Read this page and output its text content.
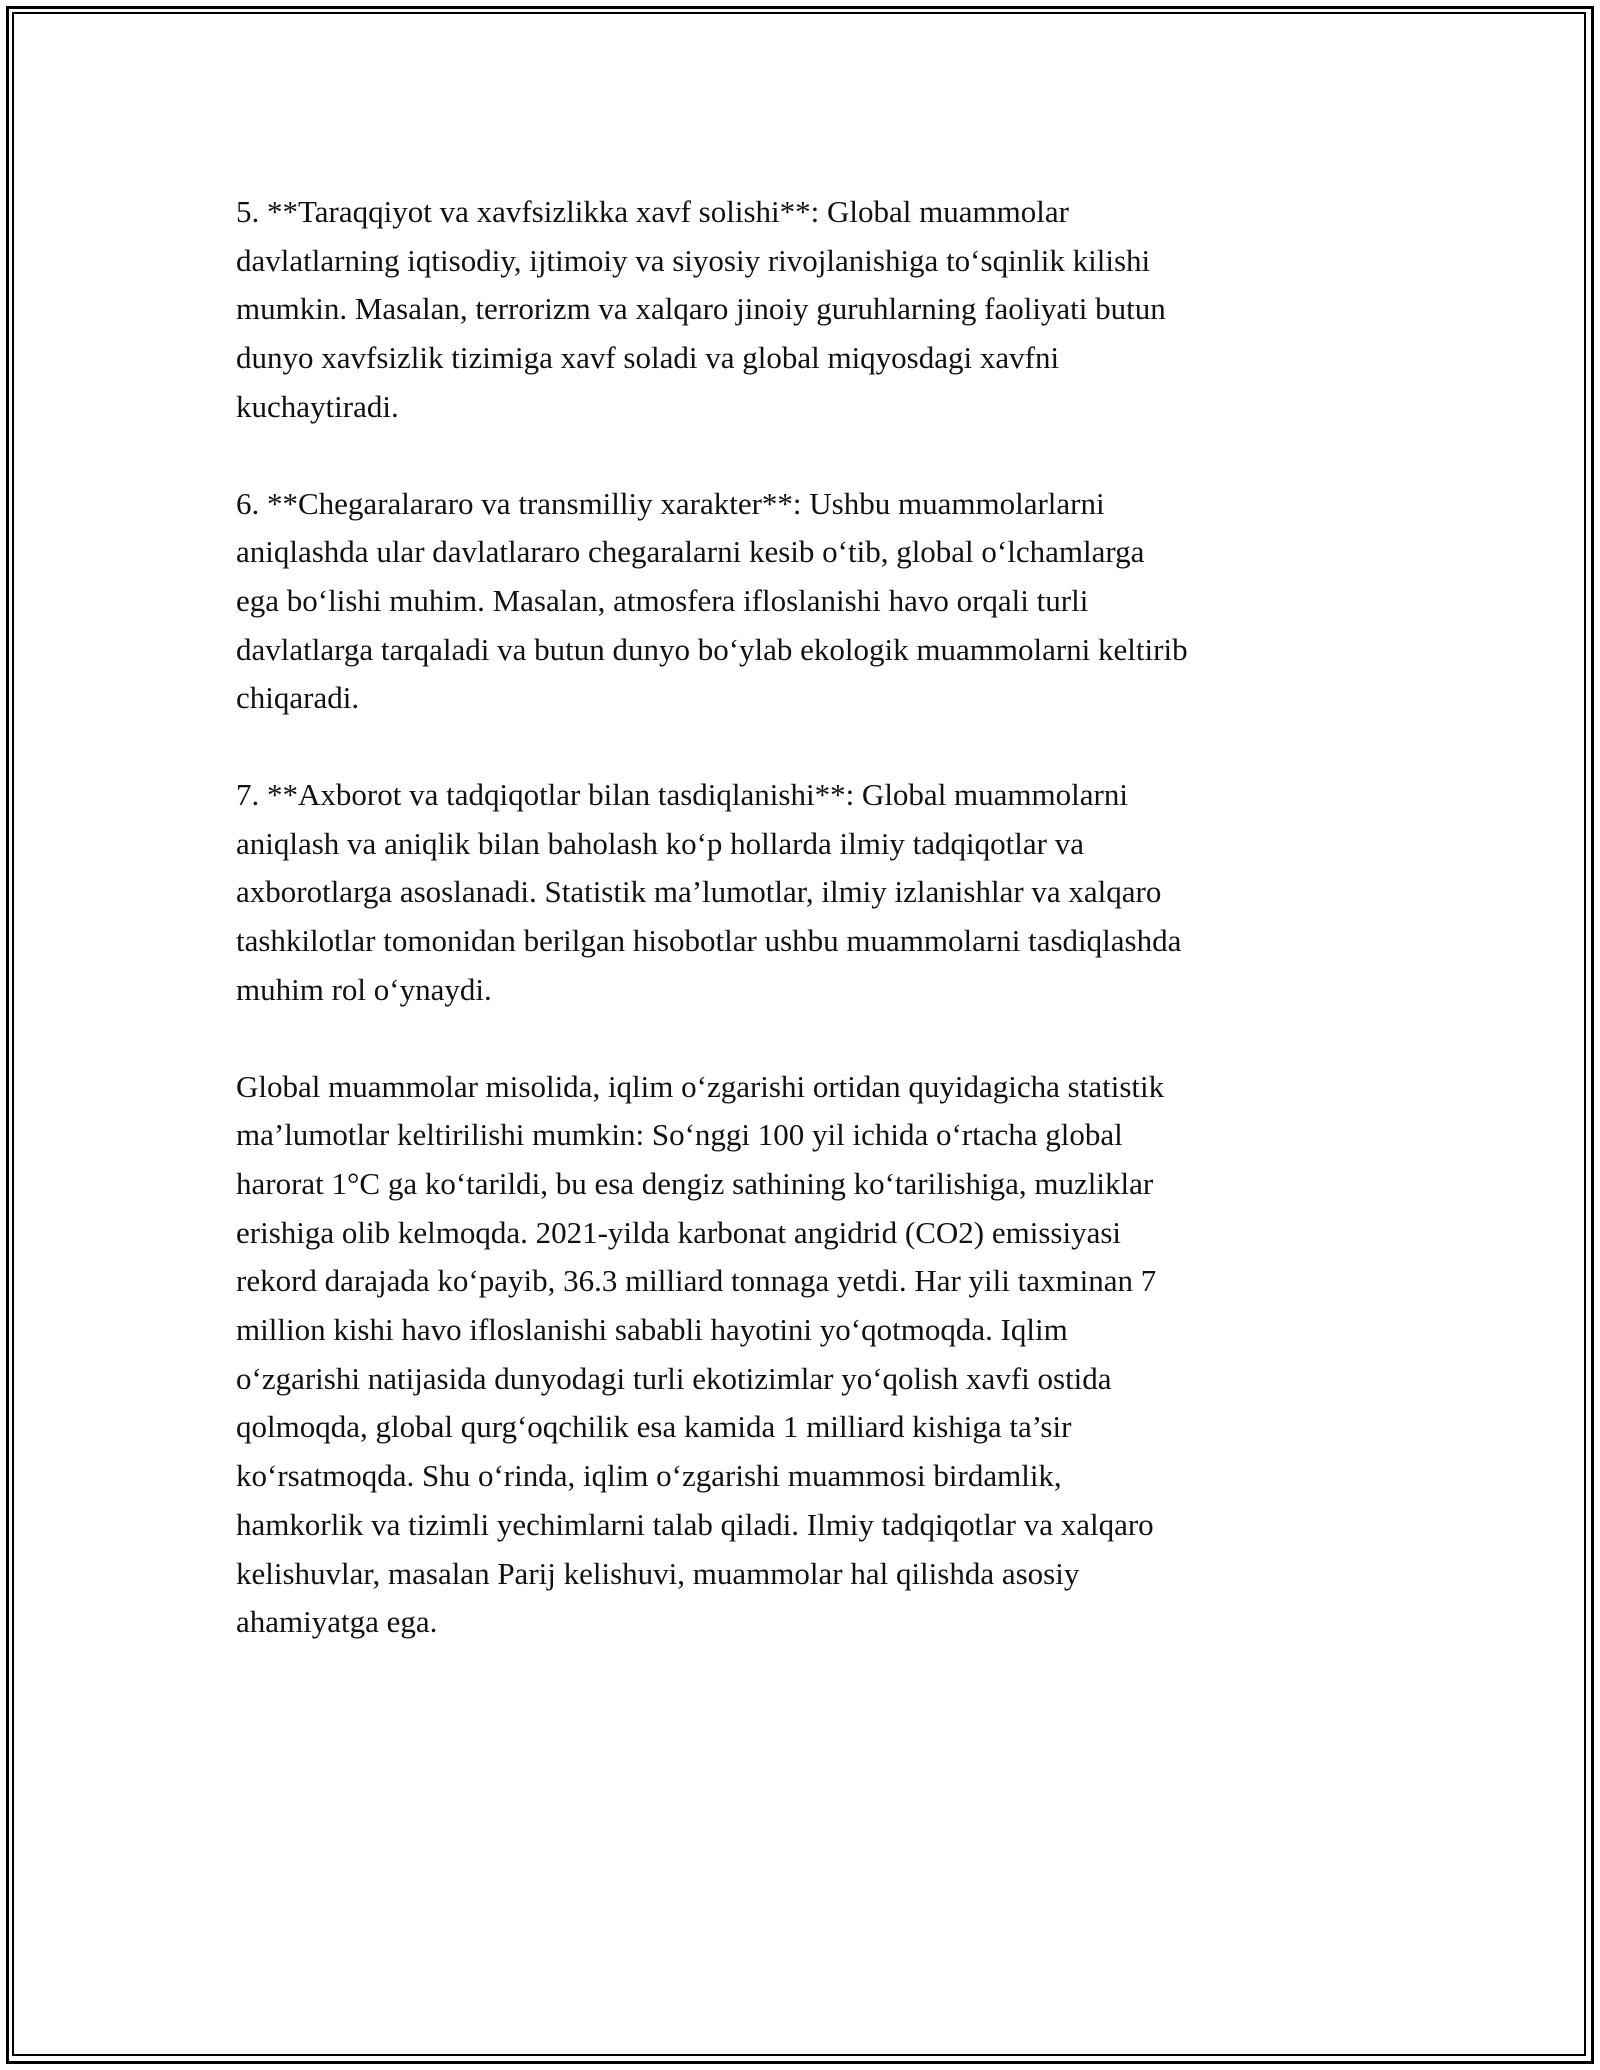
5. **Taraqqiyot va xavfsizlikka xavf solishi**: Global muammolar
davlatlarning iqtisodiy, ijtimoiy va siyosiy rivojlanishiga to‘sqinlik kilishi
mumkin. Masalan, terrorizm va xalqaro jinoiy guruhlarning faoliyati butun
dunyo xavfsizlik tizimiga xavf soladi va global miqyosdagi xavfni
kuchaytiradi.

6. **Chegaralararo va transmilliy xarakter**: Ushbu muammolarlarni
aniqlashda ular davlatlararo chegaralarni kesib o‘tib, global o‘lchamlarga
ega bo‘lishi muhim. Masalan, atmosfera ifloslanishi havo orqali turli
davlatlarga tarqaladi va butun dunyo bo‘ylab ekologik muammolarni keltirib
chiqaradi.

7. **Axborot va tadqiqotlar bilan tasdiqlanishi**: Global muammolarni
aniqlash va aniqlik bilan baholash ko‘p hollarda ilmiy tadqiqotlar va
axborotlarga asoslanadi. Statistik ma’lumotlar, ilmiy izlanishlar va xalqaro
tashkilotlar tomonidan berilgan hisobotlar ushbu muammolarni tasdiqlashda
muhim rol o‘ynaydi.

Global muammolar misolida, iqlim o‘zgarishi ortidan quyidagicha statistik
ma’lumotlar keltirilishi mumkin: So‘nggi 100 yil ichida o‘rtacha global
harorat 1°C ga ko‘tarildi, bu esa dengiz sathining ko‘tarilishiga, muzliklar
erishiga olib kelmoqda. 2021-yilda karbonat angidrid (CO2) emissiyasi
rekord darajada ko‘payib, 36.3 milliard tonnaga yetdi. Har yili taxminan 7
million kishi havo ifloslanishi sababli hayotini yo‘qotmoqda. Iqlim
o‘zgarishi natijasida dunyodagi turli ekotizimlar yo‘qolish xavfi ostida
qolmoqda, global qurg‘oqchilik esa kamida 1 milliard kishiga ta’sir
ko‘rsatmoqda. Shu o‘rinda, iqlim o‘zgarishi muammosi birdamlik,
hamkorlik va tizimli yechimlarni talab qiladi. Ilmiy tadqiqotlar va xalqaro
kelishuvlar, masalan Parij kelishuvi, muammolar hal qilishda asosiy
ahamiyatga ega.
